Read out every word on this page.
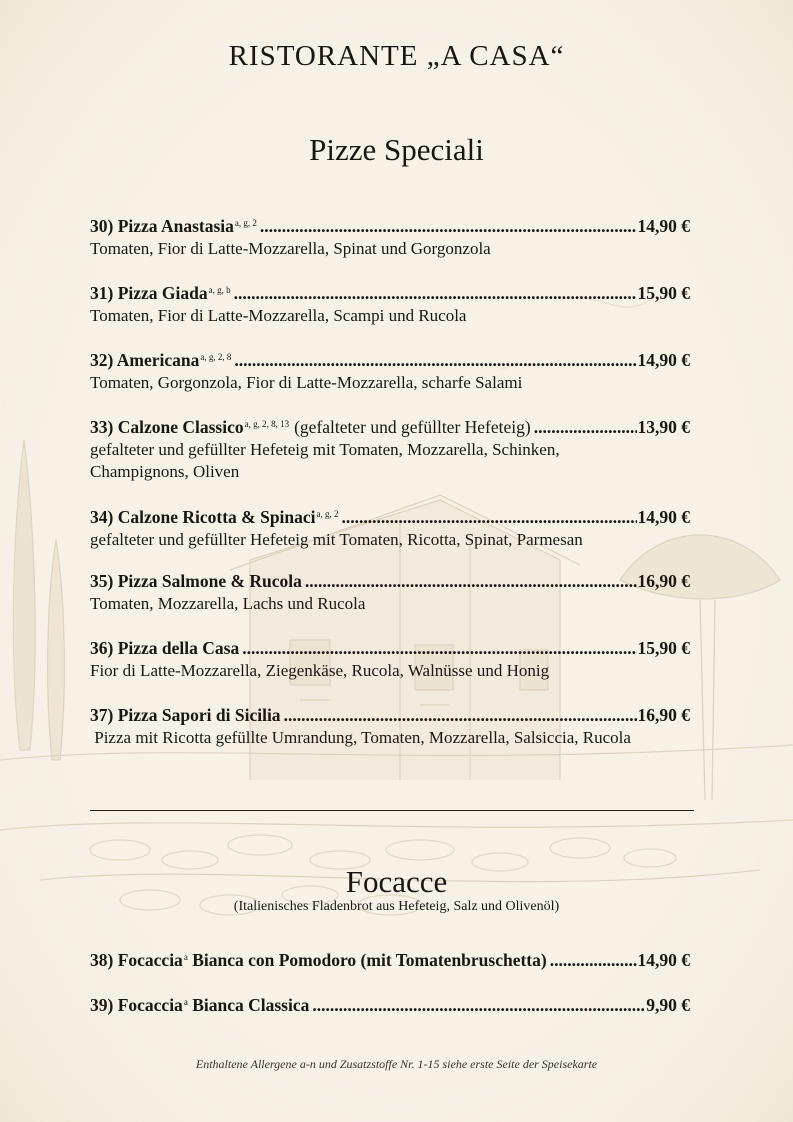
RISTORANTE „A CASA“
Pizze Speciali
30) Pizza Anastasia$^{a, g, 2}$ .....	14,90 €
Tomaten, Fior di Latte-Mozzarella, Spinat und Gorgonzola
31) Pizza Giada$^{a, g, b}$ .....	15,90 €
Tomaten, Fior di Latte-Mozzarella, Scampi und Rucola
32) Americana$^{a, g, 2, 8}$ .....	14,90 €
Tomaten, Gorgonzola, Fior di Latte-Mozzarella, scharfe Salami
33) Calzone Classico$^{a, g, 2, 8, 13}$ (gefalteter und gefüllter Hefeteig) .....	13,90 €
gefalteter und gefüllter Hefeteig mit Tomaten, Mozzarella, Schinken, Champignons, Oliven
34) Calzone Ricotta & Spinaci$^{a, g, 2}$ .....	14,90 €
gefalteter und gefüllter Hefeteig mit Tomaten, Ricotta, Spinat, Parmesan
35) Pizza Salmone & Rucola .....	16,90 €
Tomaten, Mozzarella, Lachs und Rucola
36) Pizza della Casa .....	15,90 €
Fior di Latte-Mozzarella, Ziegenkäse, Rucola, Walnüsse und Honig
37) Pizza Sapori di Sicilia .....	16,90 €
Pizza mit Ricotta gefüllte Umrandung, Tomaten, Mozzarella, Salsiccia, Rucola
Focacce
(Italienisches Fladenbrot aus Hefeteig, Salz und Olivenöl)
38) Focaccia$^a$ Bianca con Pomodoro (mit Tomatenbruschetta) .....	14,90 €
39) Focaccia$^a$ Bianca Classica .....	9,90 €
Enthaltene Allergene a-n und Zusatzstoffe Nr. 1-15 siehe erste Seite der Speisekarte
